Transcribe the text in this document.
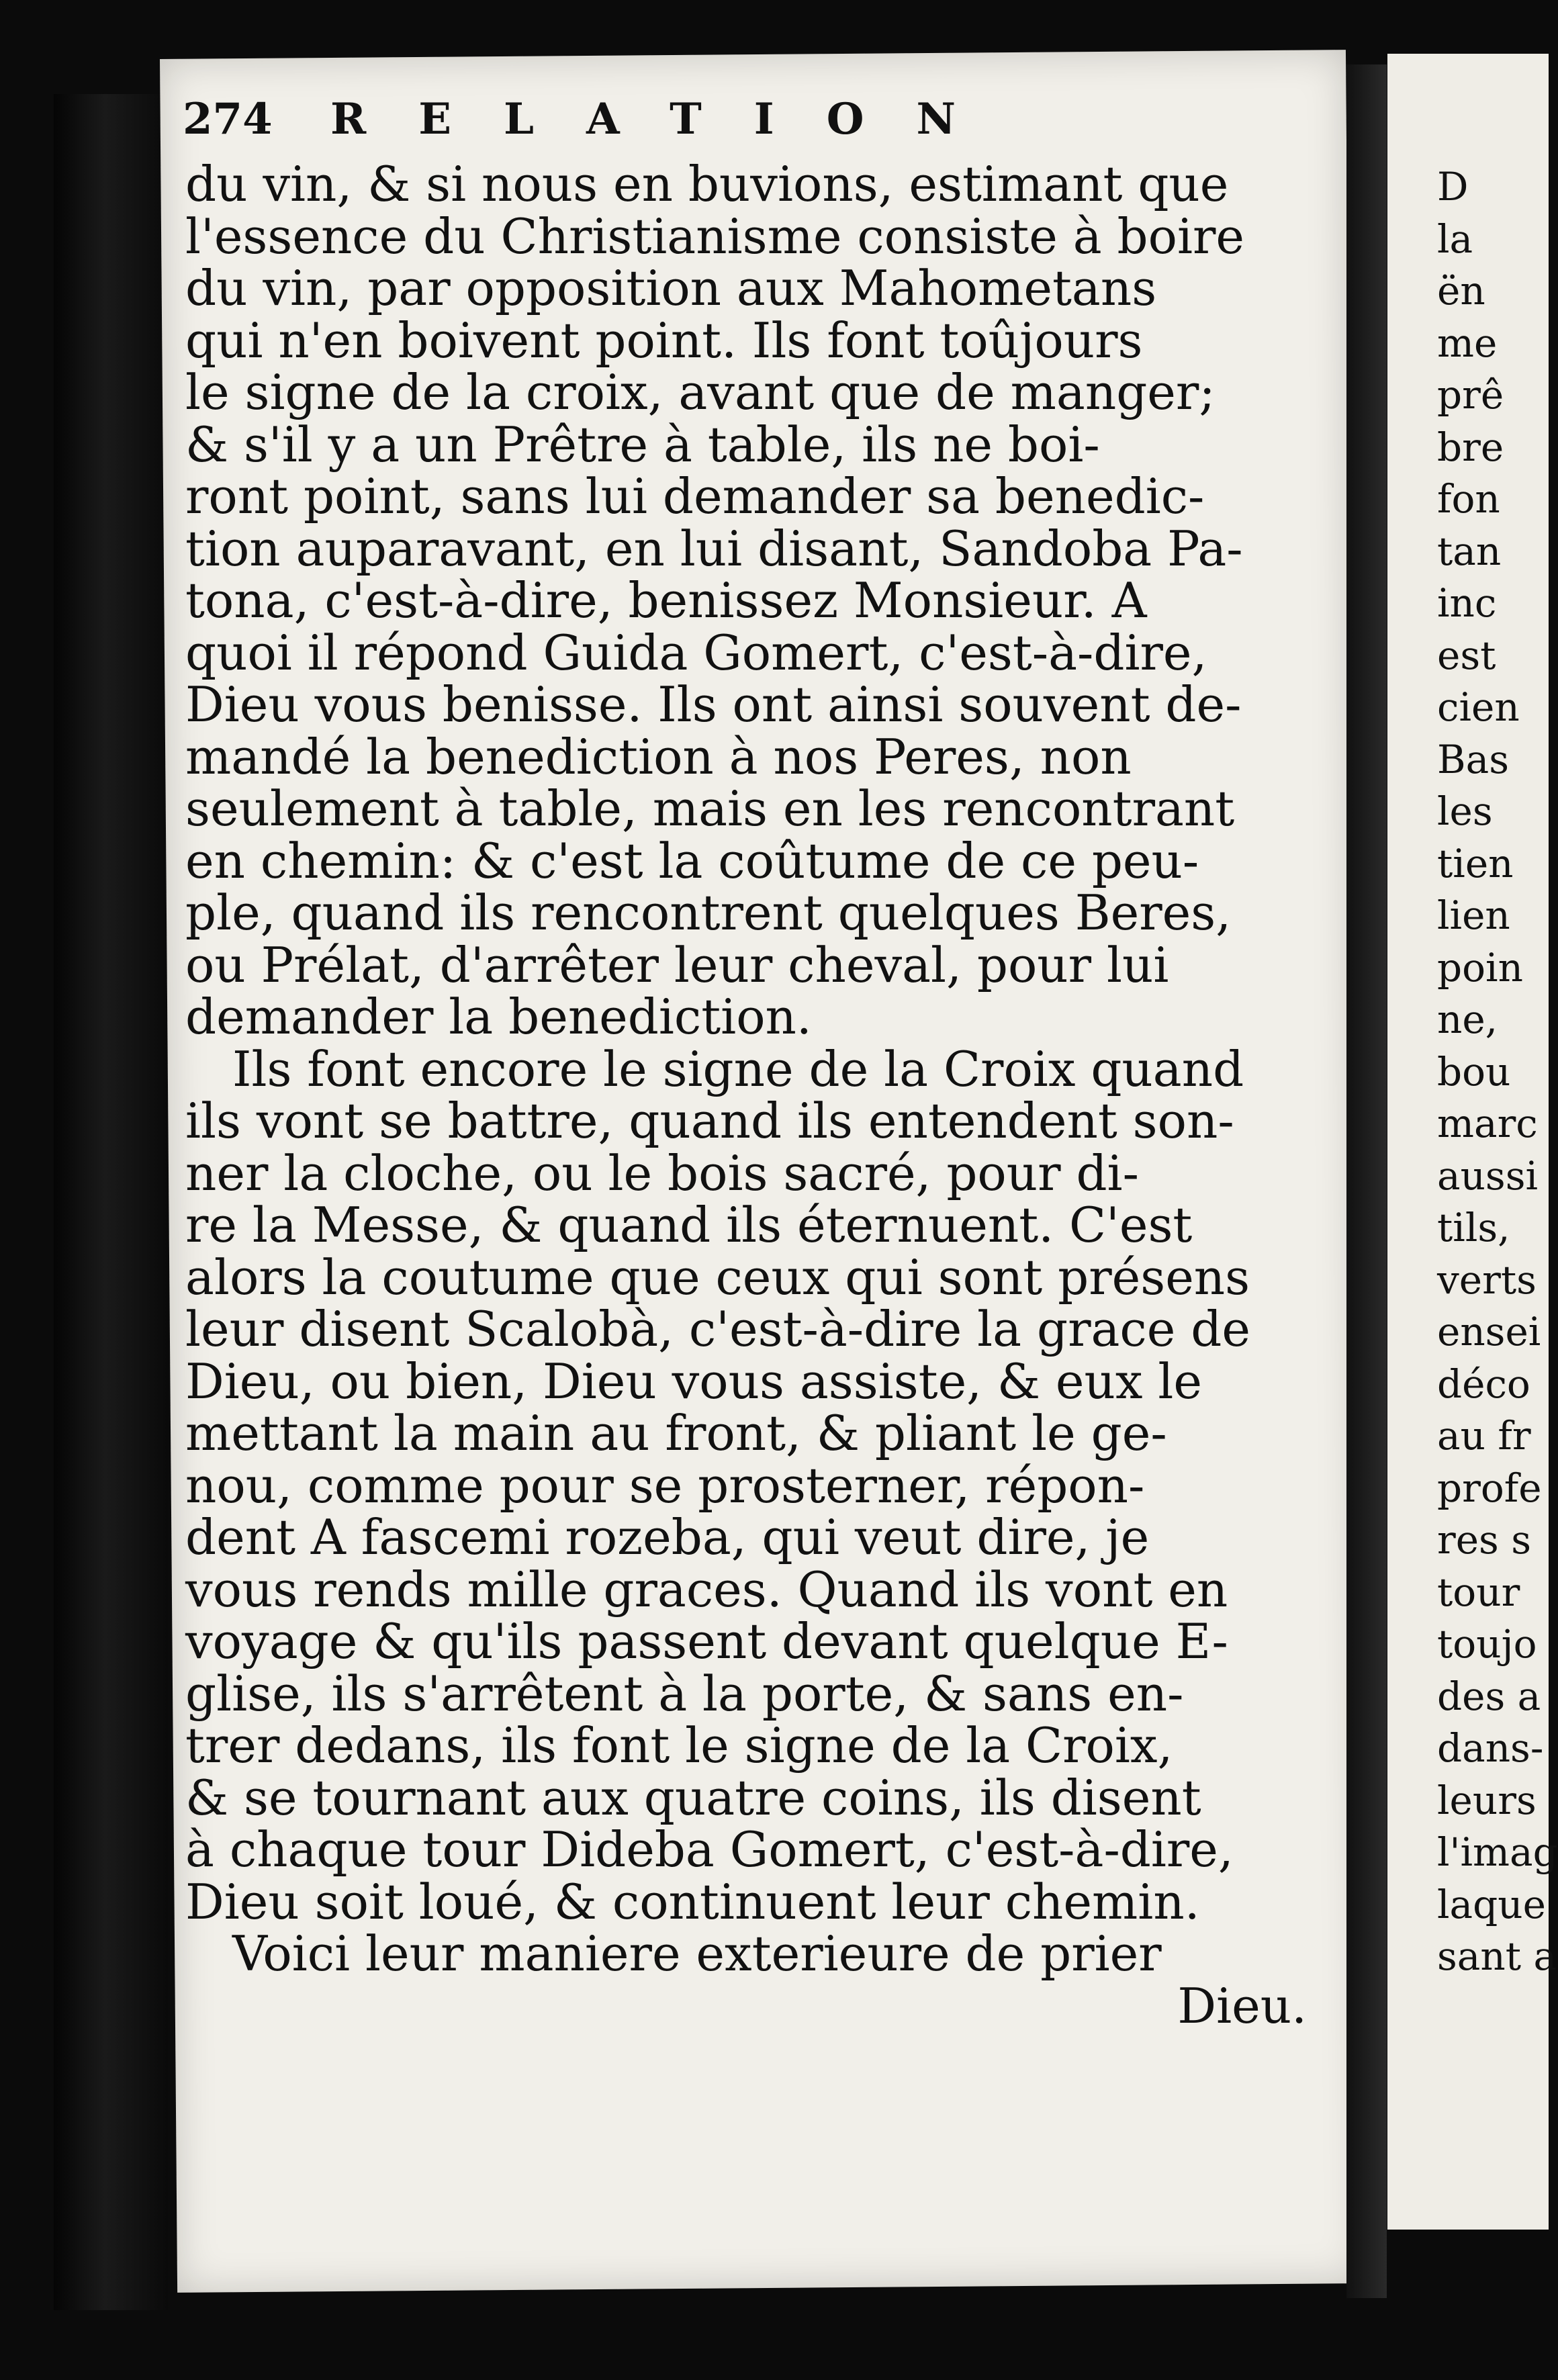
D
la
ën
me
prê
bre
fon
tan
inc
est
cien
Bas
les
tien
lien
poin
ne,
bou
marc
aussi
tils,
verts
ensei
déco
au fr
profe
res s
tour
toujo
des a
dans-
leurs
l'imag
laque
sant a
274 RELATION
du vin, & si nous en buvions, estimant que
l'essence du Christianisme consiste à boire
du vin, par opposition aux Mahometans
qui n'en boivent point. Ils font toûjours
le signe de la croix, avant que de manger;
& s'il y a un Prêtre à table, ils ne boi-
ront point, sans lui demander sa benedic-
tion auparavant, en lui disant, Sandoba Pa-
tona, c'est-à-dire, benissez Monsieur. A
quoi il répond Guida Gomert, c'est-à-dire,
Dieu vous benisse. Ils ont ainsi souvent de-
mandé la benediction à nos Peres, non
seulement à table, mais en les rencontrant
en chemin: & c'est la coûtume de ce peu-
ple, quand ils rencontrent quelques Beres,
ou Prélat, d'arrêter leur cheval, pour lui
demander la benediction.
Ils font encore le signe de la Croix quand
ils vont se battre, quand ils entendent son-
ner la cloche, ou le bois sacré, pour di-
re la Messe, & quand ils éternuent. C'est
alors la coutume que ceux qui sont présens
leur disent Scalobà, c'est-à-dire la grace de
Dieu, ou bien, Dieu vous assiste, & eux le
mettant la main au front, & pliant le ge-
nou, comme pour se prosterner, répon-
dent A fascemi rozeba, qui veut dire, je
vous rends mille graces. Quand ils vont en
voyage & qu'ils passent devant quelque E-
glise, ils s'arrêtent à la porte, & sans en-
trer dedans, ils font le signe de la Croix,
& se tournant aux quatre coins, ils disent
à chaque tour Dideba Gomert, c'est-à-dire,
Dieu soit loué, & continuent leur chemin.
Voici leur maniere exterieure de prier
Dieu.
